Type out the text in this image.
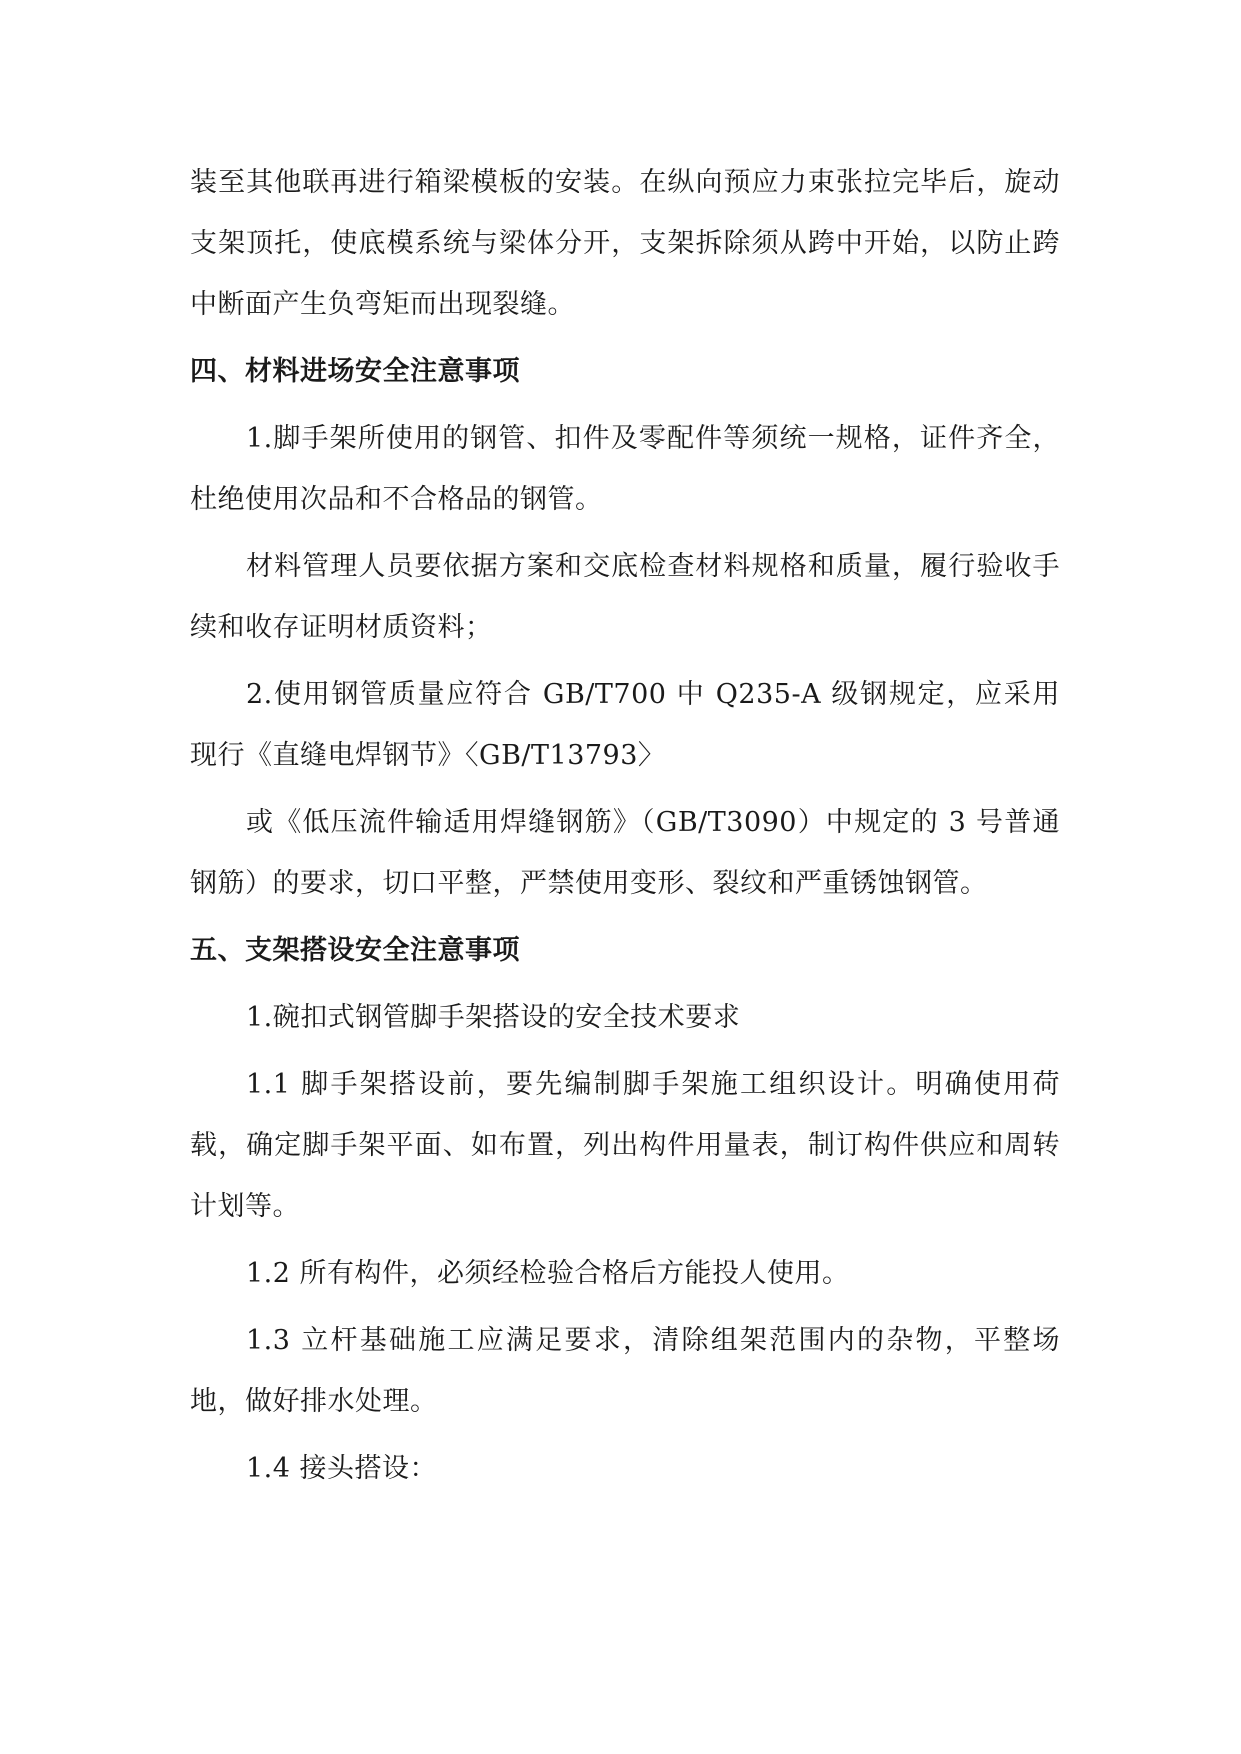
装至其他联再进行箱梁模板的安装。在纵向预应力束张拉完毕后，旋动支架顶托，使底模系统与梁体分开，支架拆除须从跨中开始，以防止跨中断面产生负弯矩而出现裂缝。

四、材料进场安全注意事项

1.脚手架所使用的钢管、扣件及零配件等须统一规格，证件齐全，杜绝使用次品和不合格品的钢管。

材料管理人员要依据方案和交底检查材料规格和质量，履行验收手续和收存证明材质资料；

2.使用钢管质量应符合 GB/T700 中 Q235-A 级钢规定，应采用现行《直缝电焊钢节》〈GB/T13793〉

或《低压流件输适用焊缝钢筋》（GB/T3090）中规定的 3 号普通钢筋）的要求，切口平整，严禁使用变形、裂纹和严重锈蚀钢管。

五、支架搭设安全注意事项

1.碗扣式钢管脚手架搭设的安全技术要求

1.1 脚手架搭设前，要先编制脚手架施工组织设计。明确使用荷载，确定脚手架平面、如布置，列出构件用量表，制订构件供应和周转计划等。

1.2 所有构件，必须经检验合格后方能投人使用。

1.3 立杆基础施工应满足要求，清除组架范围内的杂物，平整场地，做好排水处理。

1.4 接头搭设：
